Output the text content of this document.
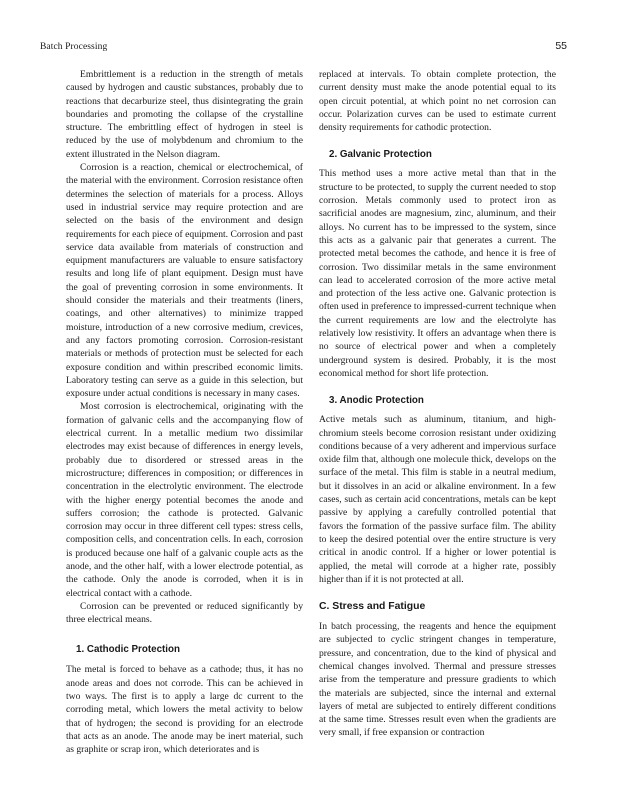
Batch Processing	55

Embrittlement is a reduction in the strength of metals caused by hydrogen and caustic substances, probably due to reactions that decarburize steel, thus disintegrating the grain boundaries and promoting the collapse of the crystalline structure. The embrittling effect of hydrogen in steel is reduced by the use of molybdenum and chromium to the extent illustrated in the Nelson diagram.

Corrosion is a reaction, chemical or electrochemical, of the material with the environment. Corrosion resistance often determines the selection of materials for a process. Alloys used in industrial service may require protection and are selected on the basis of the environment and design requirements for each piece of equipment. Corrosion and past service data available from materials of construction and equipment manufacturers are valuable to ensure satisfactory results and long life of plant equipment. Design must have the goal of preventing corrosion in some environments. It should consider the materials and their treatments (liners, coatings, and other alternatives) to minimize trapped moisture, introduction of a new corrosive medium, crevices, and any factors promoting corrosion. Corrosion-resistant materials or methods of protection must be selected for each exposure condition and within prescribed economic limits. Laboratory testing can serve as a guide in this selection, but exposure under actual conditions is necessary in many cases.

Most corrosion is electrochemical, originating with the formation of galvanic cells and the accompanying flow of electrical current. In a metallic medium two dissimilar electrodes may exist because of differences in energy levels, probably due to disordered or stressed areas in the microstructure; differences in composition; or differences in concentration in the electrolytic environment. The electrode with the higher energy potential becomes the anode and suffers corrosion; the cathode is protected. Galvanic corrosion may occur in three different cell types: stress cells, composition cells, and concentration cells. In each, corrosion is produced because one half of a galvanic couple acts as the anode, and the other half, with a lower electrode potential, as the cathode. Only the anode is corroded, when it is in electrical contact with a cathode.

Corrosion can be prevented or reduced significantly by three electrical means.

1. Cathodic Protection

The metal is forced to behave as a cathode; thus, it has no anode areas and does not corrode. This can be achieved in two ways. The first is to apply a large dc current to the corroding metal, which lowers the metal activity to below that of hydrogen; the second is providing for an electrode that acts as an anode. The anode may be inert material, such as graphite or scrap iron, which deteriorates and is

replaced at intervals. To obtain complete protection, the current density must make the anode potential equal to its open circuit potential, at which point no net corrosion can occur. Polarization curves can be used to estimate current density requirements for cathodic protection.

2. Galvanic Protection

This method uses a more active metal than that in the structure to be protected, to supply the current needed to stop corrosion. Metals commonly used to protect iron as sacrificial anodes are magnesium, zinc, aluminum, and their alloys. No current has to be impressed to the system, since this acts as a galvanic pair that generates a current. The protected metal becomes the cathode, and hence it is free of corrosion. Two dissimilar metals in the same environment can lead to accelerated corrosion of the more active metal and protection of the less active one. Galvanic protection is often used in preference to impressed-current technique when the current requirements are low and the electrolyte has relatively low resistivity. It offers an advantage when there is no source of electrical power and when a completely underground system is desired. Probably, it is the most economical method for short life protection.

3. Anodic Protection

Active metals such as aluminum, titanium, and high-chromium steels become corrosion resistant under oxidizing conditions because of a very adherent and impervious surface oxide film that, although one molecule thick, develops on the surface of the metal. This film is stable in a neutral medium, but it dissolves in an acid or alkaline environment. In a few cases, such as certain acid concentrations, metals can be kept passive by applying a carefully controlled potential that favors the formation of the passive surface film. The ability to keep the desired potential over the entire structure is very critical in anodic control. If a higher or lower potential is applied, the metal will corrode at a higher rate, possibly higher than if it is not protected at all.

C. Stress and Fatigue

In batch processing, the reagents and hence the equipment are subjected to cyclic stringent changes in temperature, pressure, and concentration, due to the kind of physical and chemical changes involved. Thermal and pressure stresses arise from the temperature and pressure gradients to which the materials are subjected, since the internal and external layers of metal are subjected to entirely different conditions at the same time. Stresses result even when the gradients are very small, if free expansion or contraction
